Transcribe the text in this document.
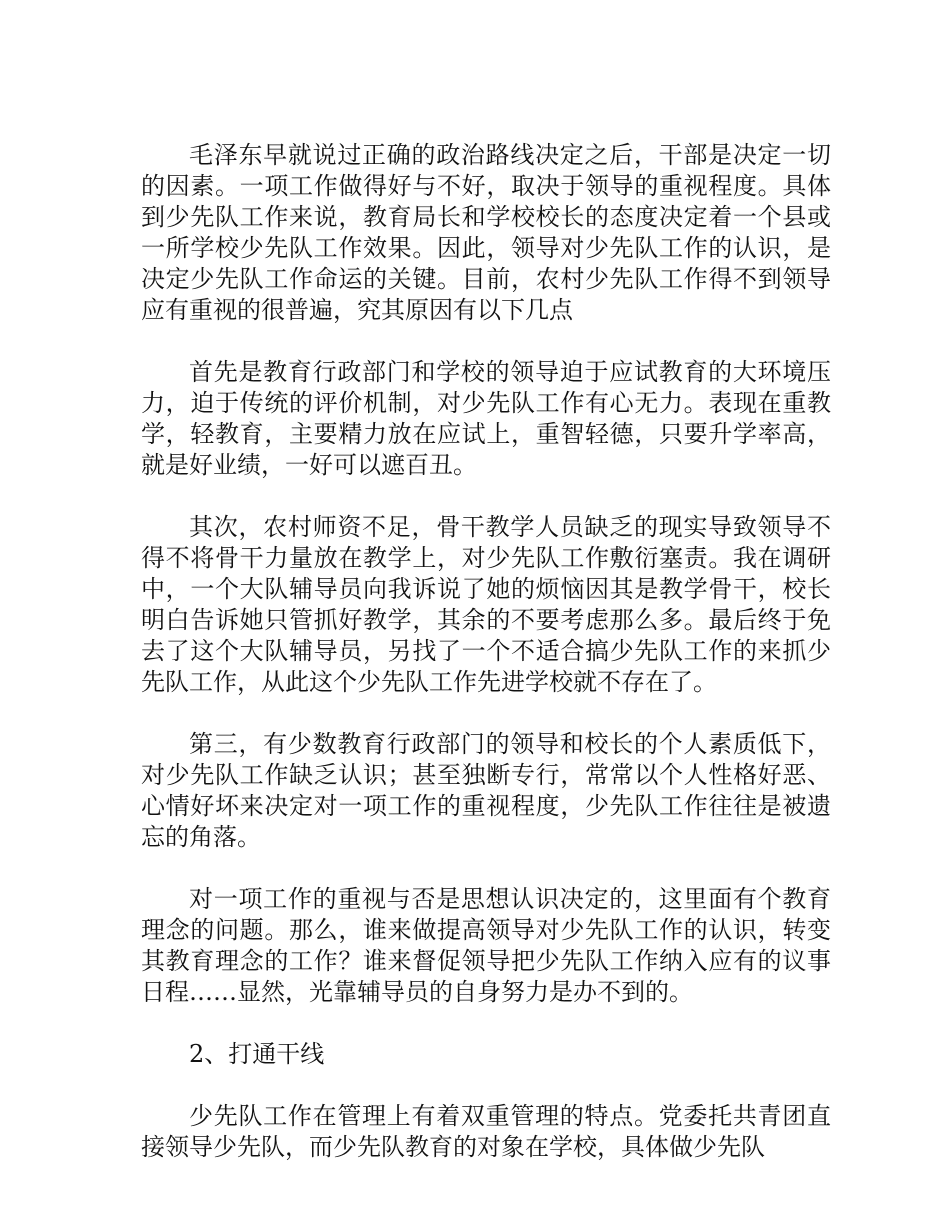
毛泽东早就说过正确的政治路线决定之后，干部是决定一切的因素。一项工作做得好与不好，取决于领导的重视程度。具体到少先队工作来说，教育局长和学校校长的态度决定着一个县或一所学校少先队工作效果。因此，领导对少先队工作的认识，是决定少先队工作命运的关键。目前，农村少先队工作得不到领导应有重视的很普遍，究其原因有以下几点

首先是教育行政部门和学校的领导迫于应试教育的大环境压力，迫于传统的评价机制，对少先队工作有心无力。表现在重教学，轻教育，主要精力放在应试上，重智轻德，只要升学率高，就是好业绩，一好可以遮百丑。

其次，农村师资不足，骨干教学人员缺乏的现实导致领导不得不将骨干力量放在教学上，对少先队工作敷衍塞责。我在调研中，一个大队辅导员向我诉说了她的烦恼因其是教学骨干，校长明白告诉她只管抓好教学，其余的不要考虑那么多。最后终于免去了这个大队辅导员，另找了一个不适合搞少先队工作的来抓少先队工作，从此这个少先队工作先进学校就不存在了。

第三，有少数教育行政部门的领导和校长的个人素质低下，对少先队工作缺乏认识；甚至独断专行，常常以个人性格好恶、心情好坏来决定对一项工作的重视程度，少先队工作往往是被遗忘的角落。

对一项工作的重视与否是思想认识决定的，这里面有个教育理念的问题。那么，谁来做提高领导对少先队工作的认识，转变其教育理念的工作？谁来督促领导把少先队工作纳入应有的议事日程……显然，光靠辅导员的自身努力是办不到的。

2、打通干线

少先队工作在管理上有着双重管理的特点。党委托共青团直接领导少先队，而少先队教育的对象在学校，具体做少先队
